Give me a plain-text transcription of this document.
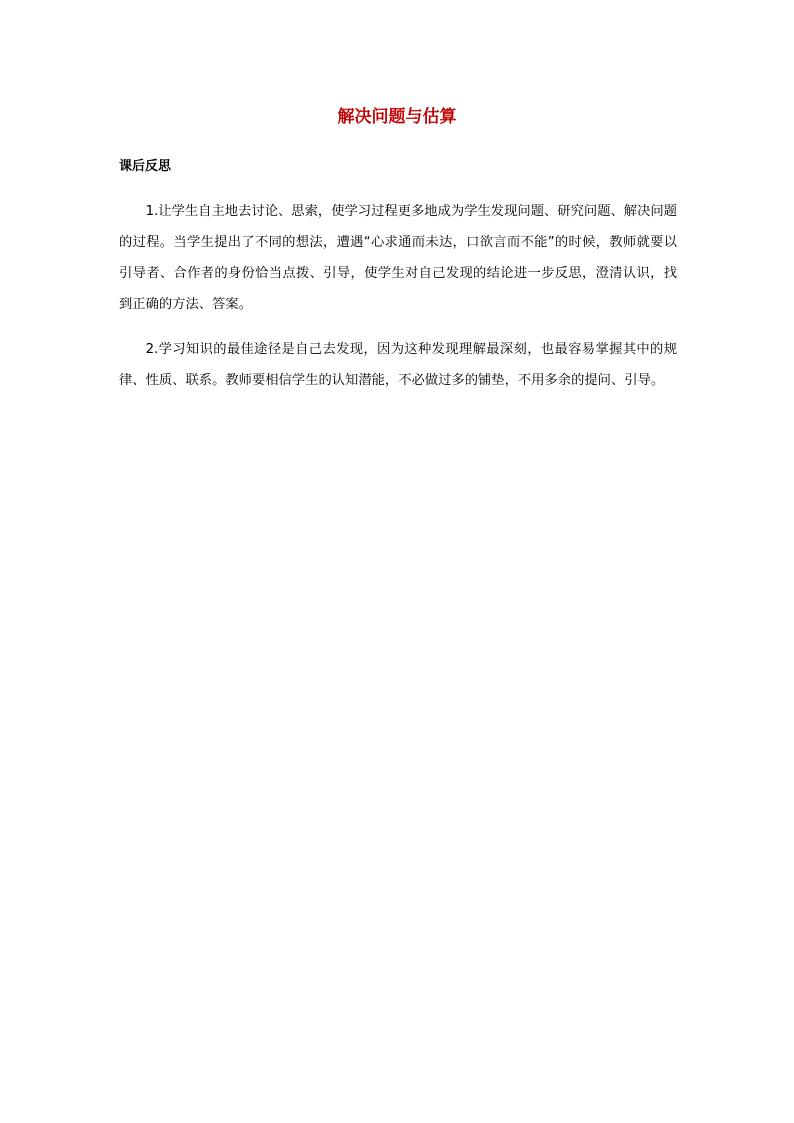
解决问题与估算
课后反思

1.让学生自主地去讨论、思索，使学习过程更多地成为学生发现问题、研究问题、解决问题的过程。当学生提出了不同的想法，遭遇“心求通而未达，口欲言而不能”的时候，教师就要以引导者、合作者的身份恰当点拨、引导，使学生对自己发现的结论进一步反思，澄清认识，找到正确的方法、答案。

2.学习知识的最佳途径是自己去发现，因为这种发现理解最深刻，也最容易掌握其中的规律、性质、联系。教师要相信学生的认知潜能，不必做过多的铺垫，不用多余的提问、引导。
